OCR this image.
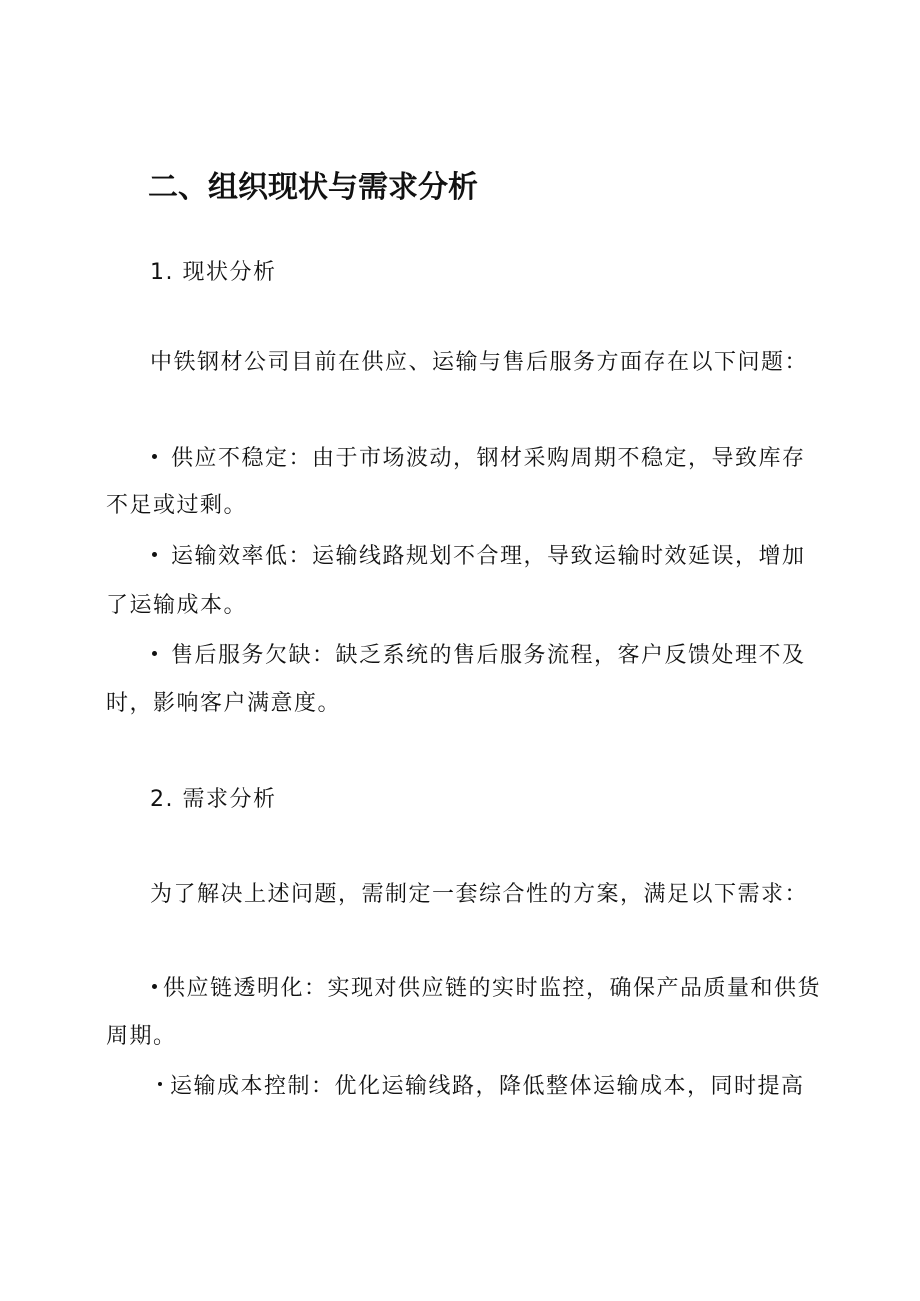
二、组织现状与需求分析
1. 现状分析
中铁钢材公司目前在供应、运输与售后服务方面存在以下问题：
供应不稳定：由于市场波动，钢材采购周期不稳定，导致库存
不足或过剩。
运输效率低：运输线路规划不合理，导致运输时效延误，增加
了运输成本。
售后服务欠缺：缺乏系统的售后服务流程，客户反馈处理不及
时，影响客户满意度。
2. 需求分析
为了解决上述问题，需制定一套综合性的方案，满足以下需求：
供应链透明化：实现对供应链的实时监控，确保产品质量和供货
周期。
运输成本控制：优化运输线路，降低整体运输成本，同时提高
